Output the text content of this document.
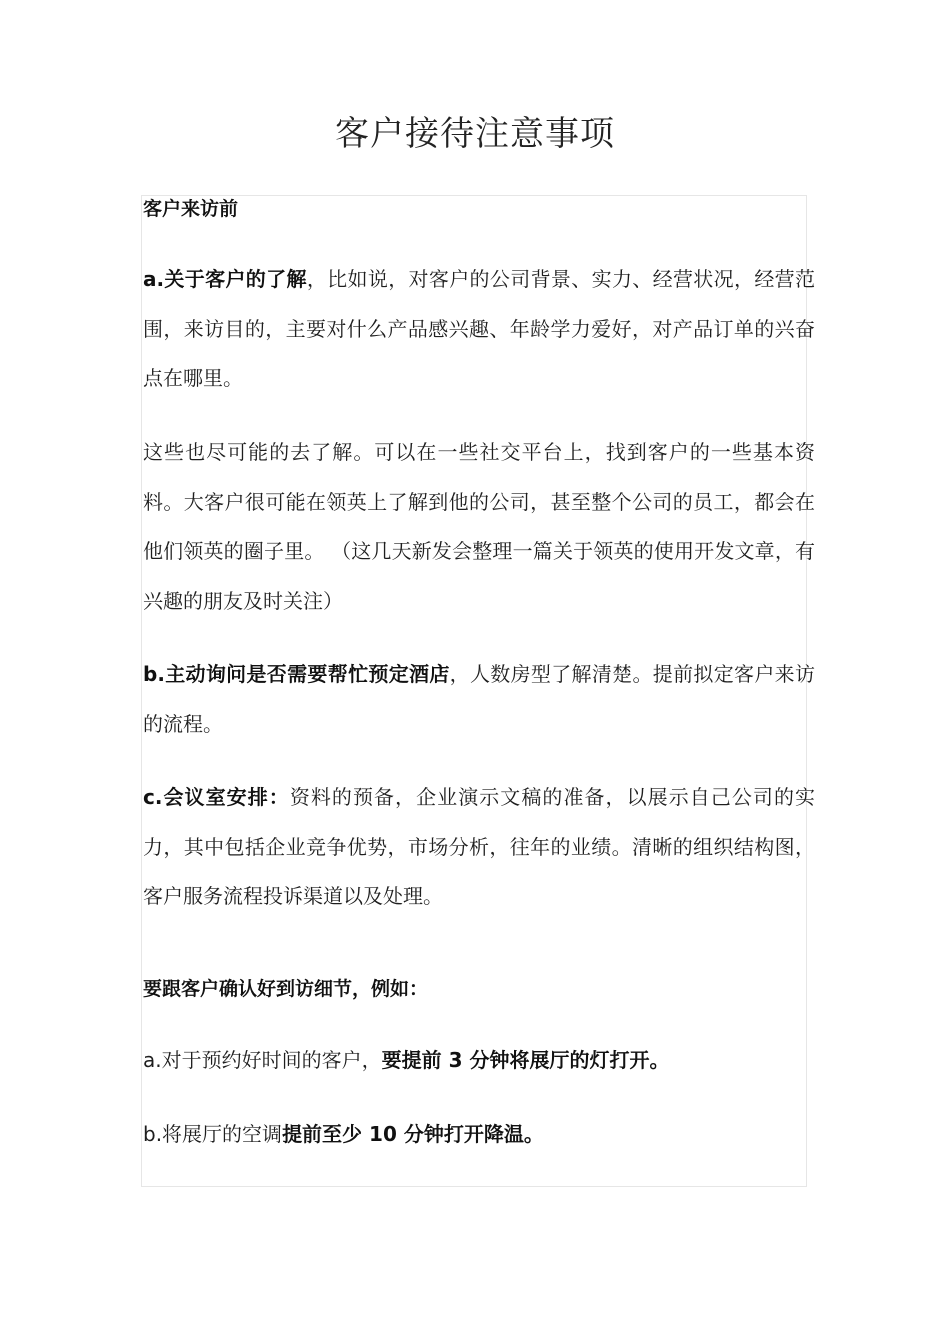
客户接待注意事项

客户来访前

a.关于客户的了解，比如说，对客户的公司背景、实力、经营状况，经营范围，来访目的，主要对什么产品感兴趣、年龄学力爱好，对产品订单的兴奋点在哪里。

这些也尽可能的去了解。可以在一些社交平台上，找到客户的一些基本资料。大客户很可能在领英上了解到他的公司，甚至整个公司的员工，都会在他们领英的圈子里。 （这几天新发会整理一篇关于领英的使用开发文章，有兴趣的朋友及时关注）

b.主动询问是否需要帮忙预定酒店，人数房型了解清楚。提前拟定客户来访的流程。

c.会议室安排：资料的预备，企业演示文稿的准备，以展示自己公司的实力，其中包括企业竞争优势，市场分析，往年的业绩。清晰的组织结构图，客户服务流程投诉渠道以及处理。

要跟客户确认好到访细节，例如：

a.对于预约好时间的客户，要提前 3 分钟将展厅的灯打开。

b.将展厅的空调提前至少 10 分钟打开降温。
